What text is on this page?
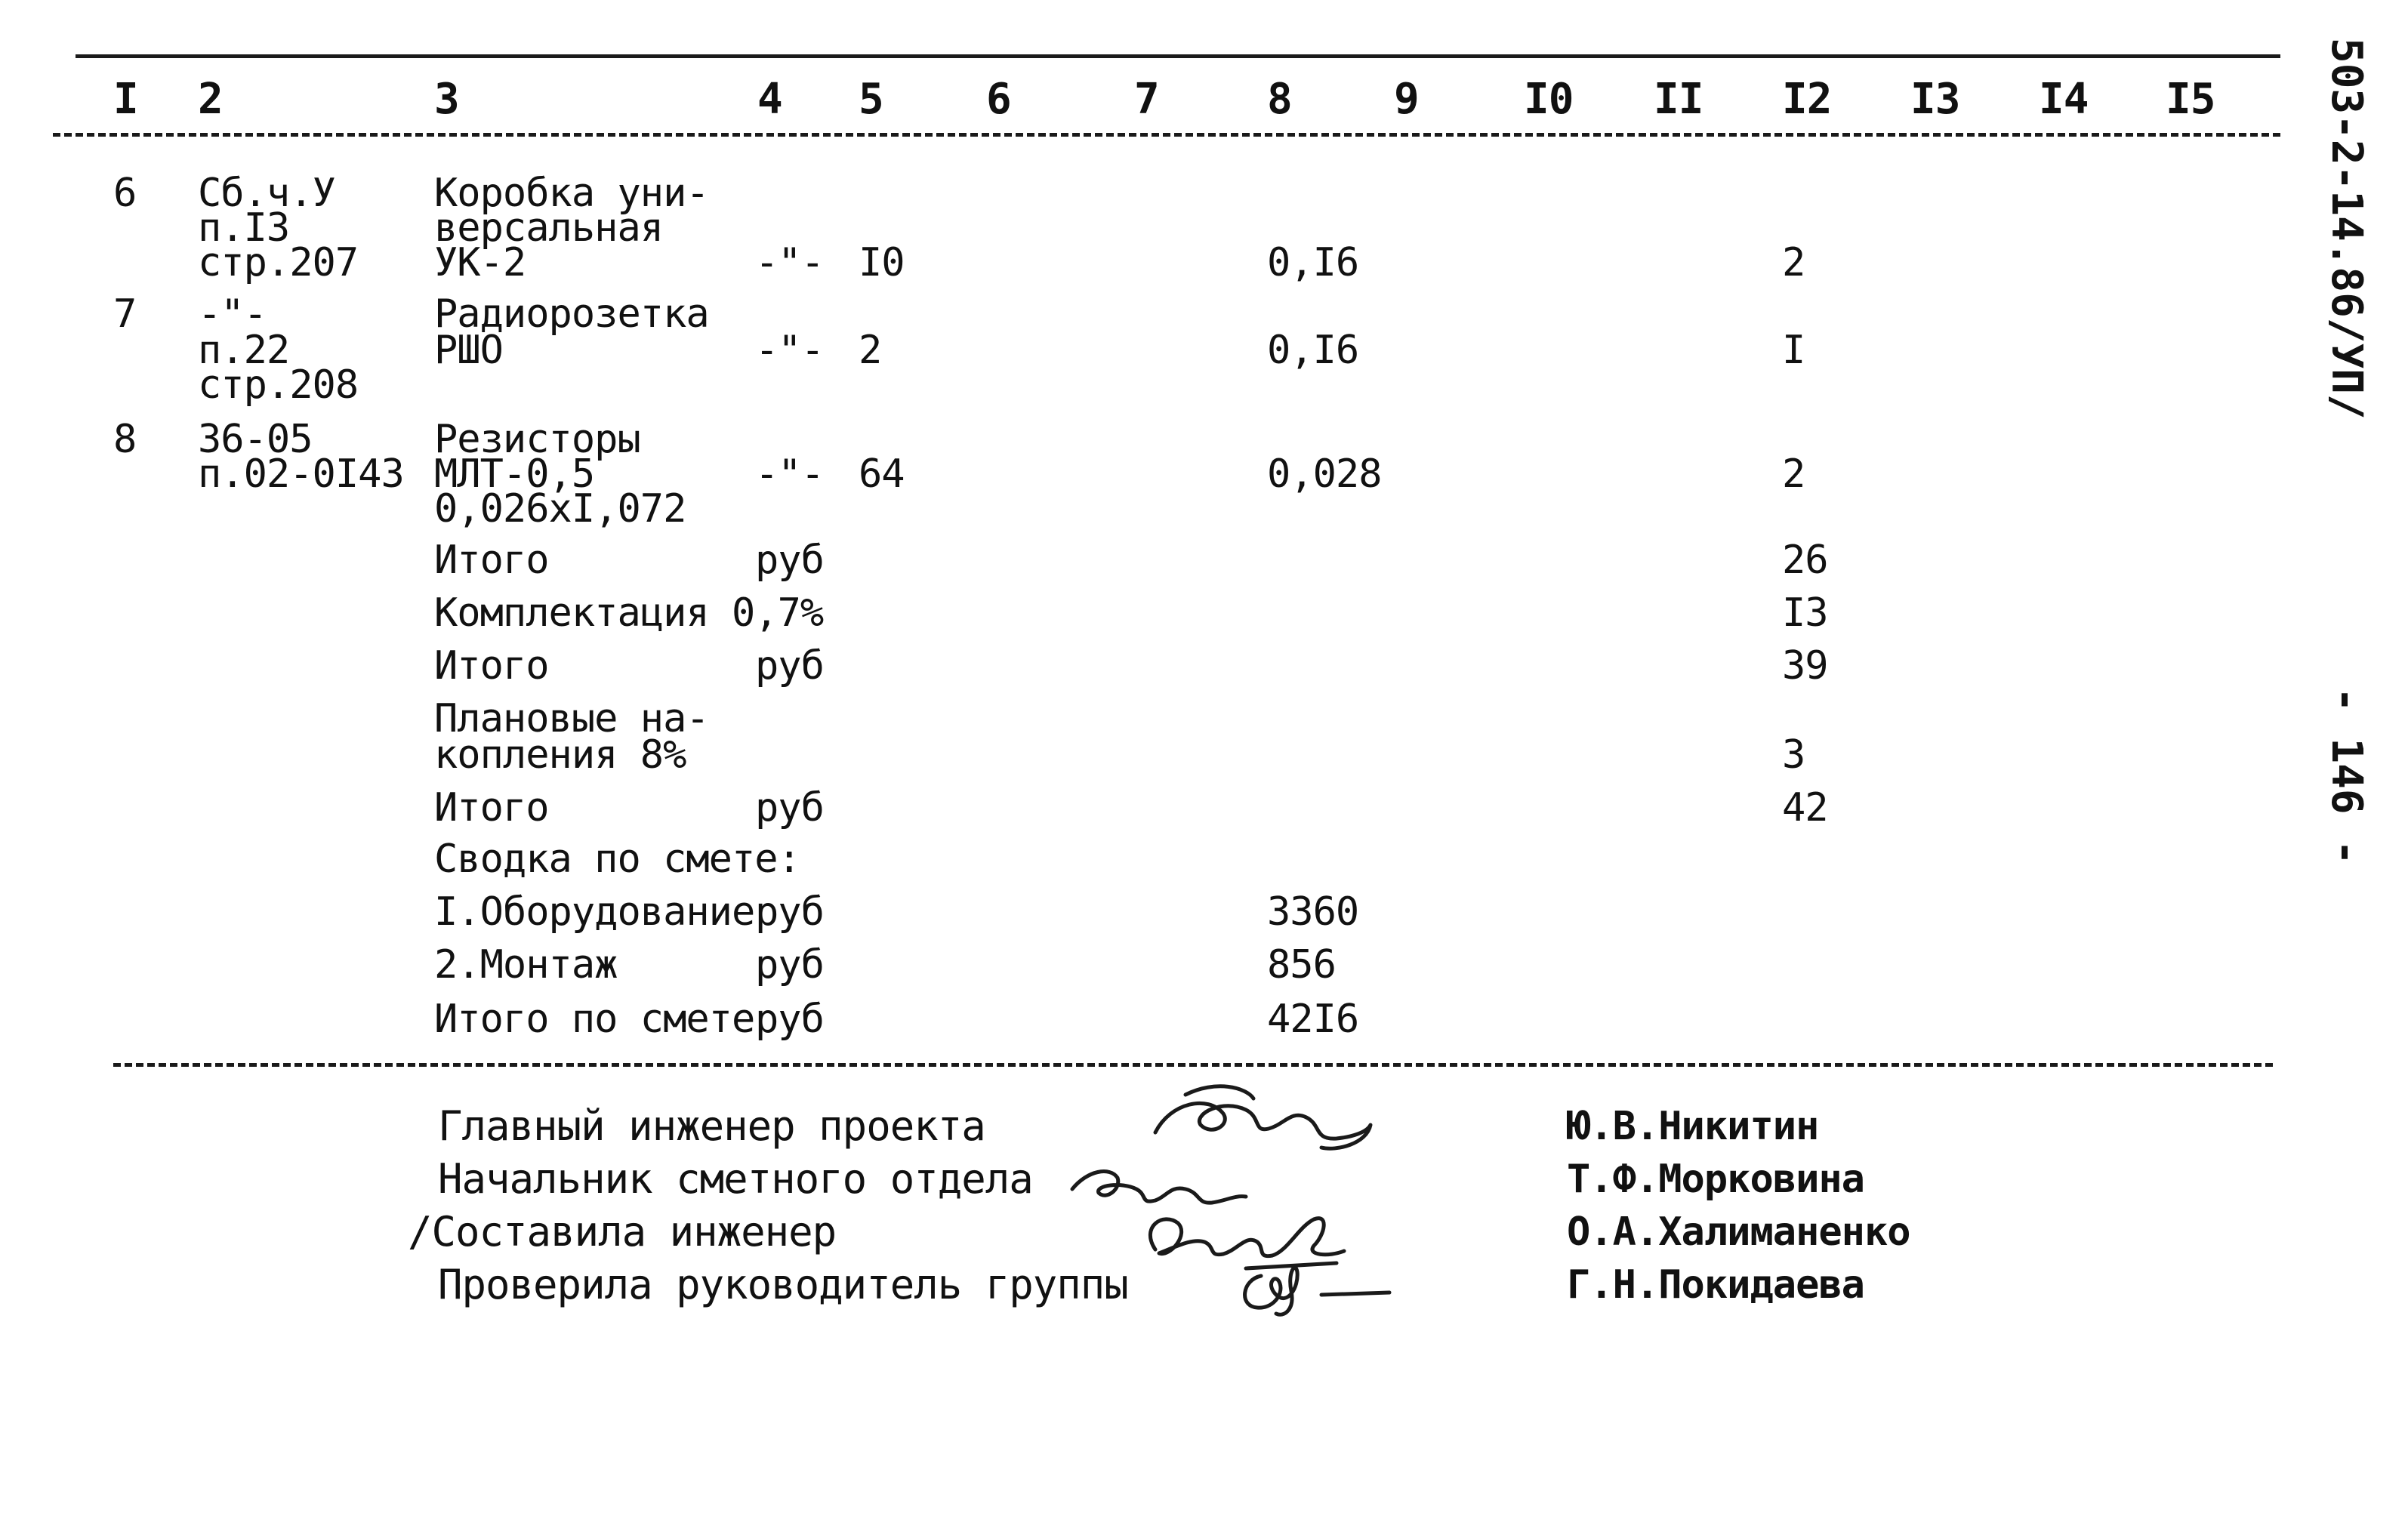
I 2	3	4 5 6	7	8 9 I0 II I2 I3 I4 I5
6 Сб.ч.У
п.I3
стр.207
Коробка уни-
версальная
УК-2	-"- I0	0,I6	2
7 -"-
п.22
стр.208
Радиорозетка
РШО	-"- 2	0,I6	I
8 36-05
п.02-0I43
Резисторы
МЛТ-0,5
0,026xI,072
-"- 64	0,028	2
Итого	руб	26
Комплектация 0,7%	I3
Итого	руб	39
Плановые на-
копления 8%	3
Итого	руб	42
Сводка по смете:
I.Оборудование руб	3360
2.Монтаж	руб	856
Итого по смете руб	42I6
Главный инженер проекта	Ю.В.Никитин
Начальник сметного отдела	Т.Ф.Морковина
/Составила инженер	О.А.Халиманенко
Проверила руководитель группы	Г.Н.Покидаева
503-2-14.86/УП/
- 146 -
